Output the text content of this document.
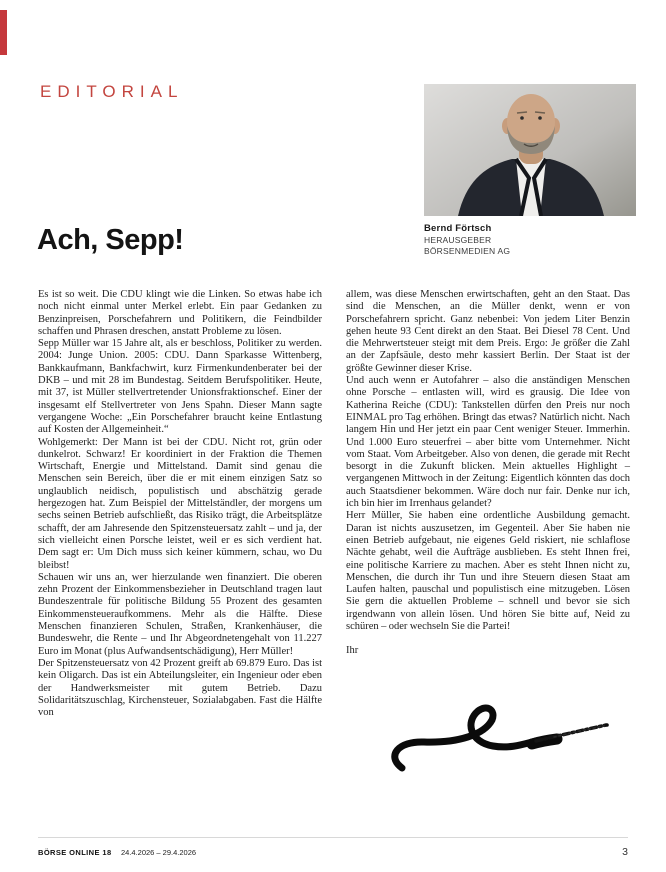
EDITORIAL
Bernd Förtsch
HERAUSGEBER
BÖRSENMEDIEN AG
Ach, Sepp!

Es ist so weit. Die CDU klingt wie die Linken. So etwas habe ich noch nicht einmal unter Merkel erlebt. Ein paar Gedanken zu Benzinpreisen, Porschefahrern und Politikern, die Feindbilder schaffen und Phrasen dreschen, anstatt Probleme zu lösen.

Sepp Müller war 15 Jahre alt, als er beschloss, Politiker zu werden. 2004: Junge Union. 2005: CDU. Dann Sparkasse Wittenberg, Bankkaufmann, Bankfachwirt, kurz Firmenkundenberater bei der DKB – und mit 28 im Bundestag. Seitdem Berufspolitiker. Heute, mit 37, ist Müller stellvertretender Unionsfraktionschef. Einer der insgesamt elf Stellvertreter von Jens Spahn. Dieser Mann sagte vergangene Woche: „Ein Porschefahrer braucht keine Entlastung auf Kosten der Allgemeinheit.“

Wohlgemerkt: Der Mann ist bei der CDU. Nicht rot, grün oder dunkelrot. Schwarz! Er koordiniert in der Fraktion die Themen Wirtschaft, Energie und Mittelstand. Damit sind genau die Menschen sein Bereich, über die er mit einem einzigen Satz so unglaublich neidisch, populistisch und abschätzig gerade hergezogen hat. Zum Beispiel der Mittelständler, der morgens um sechs seinen Betrieb aufschließt, das Risiko trägt, die Arbeitsplätze schafft, der am Jahresende den Spitzensteuersatz zahlt – und ja, der sich vielleicht einen Porsche leistet, weil er es sich verdient hat. Dem sagt er: Um Dich muss sich keiner kümmern, schau, wo Du bleibst!

Schauen wir uns an, wer hierzulande wen finanziert. Die oberen zehn Prozent der Einkommensbezieher in Deutschland tragen laut Bundeszentrale für politische Bildung 55 Prozent des gesamten Einkommensteueraufkommens. Mehr als die Hälfte. Diese Menschen finanzieren Schulen, Straßen, Krankenhäuser, die Bundeswehr, die Rente – und Ihr Abgeordnetengehalt von 11.227 Euro im Monat (plus Aufwandsentschädigung), Herr Müller!

Der Spitzensteuersatz von 42 Prozent greift ab 69.879 Euro. Das ist kein Oligarch. Das ist ein Abteilungsleiter, ein Ingenieur oder eben der Handwerksmeister mit gutem Betrieb. Dazu Solidaritätszuschlag, Kirchensteuer, Sozialabgaben. Fast die Hälfte von

allem, was diese Menschen erwirtschaften, geht an den Staat. Das sind die Menschen, an die Müller denkt, wenn er von Porschefahrern spricht. Ganz nebenbei: Von jedem Liter Benzin gehen heute 93 Cent direkt an den Staat. Bei Diesel 78 Cent. Und die Mehrwertsteuer steigt mit dem Preis. Ergo: Je größer die Zahl an der Zapfsäule, desto mehr kassiert Berlin. Der Staat ist der größte Gewinner dieser Krise.

Und auch wenn er Autofahrer – also die anständigen Menschen ohne Porsche – entlasten will, wird es grausig. Die Idee von Katherina Reiche (CDU): Tankstellen dürfen den Preis nur noch EINMAL pro Tag erhöhen. Bringt das etwas? Natürlich nicht. Nach langem Hin und Her jetzt ein paar Cent weniger Steuer. Immerhin. Und 1.000 Euro steuerfrei – aber bitte vom Unternehmer. Nicht vom Staat. Vom Arbeitgeber. Also von denen, die gerade mit Recht besorgt in die Zukunft blicken. Mein aktuelles Highlight – vergangenen Mittwoch in der Zeitung: Eigentlich könnten das doch auch Staatsdiener bekommen. Wäre doch nur fair. Denke nur ich, ich bin hier im Irrenhaus gelandet?

Herr Müller, Sie haben eine ordentliche Ausbildung gemacht. Daran ist nichts auszusetzen, im Gegenteil. Aber Sie haben nie einen Betrieb aufgebaut, nie eigenes Geld riskiert, nie schlaflose Nächte gehabt, weil die Aufträge ausblieben. Es steht Ihnen frei, eine politische Karriere zu machen. Aber es steht Ihnen nicht zu, Menschen, die durch ihr Tun und ihre Steuern diesen Staat am Laufen halten, pauschal und populistisch eine mitzugeben. Lösen Sie gern die aktuellen Probleme – schnell und bevor sie sich irgendwann von allein lösen. Und hören Sie bitte auf, Neid zu schüren – oder wechseln Sie die Partei!

Ihr

BÖRSE ONLINE 18 24.4.2026 – 29.4.2026	3
